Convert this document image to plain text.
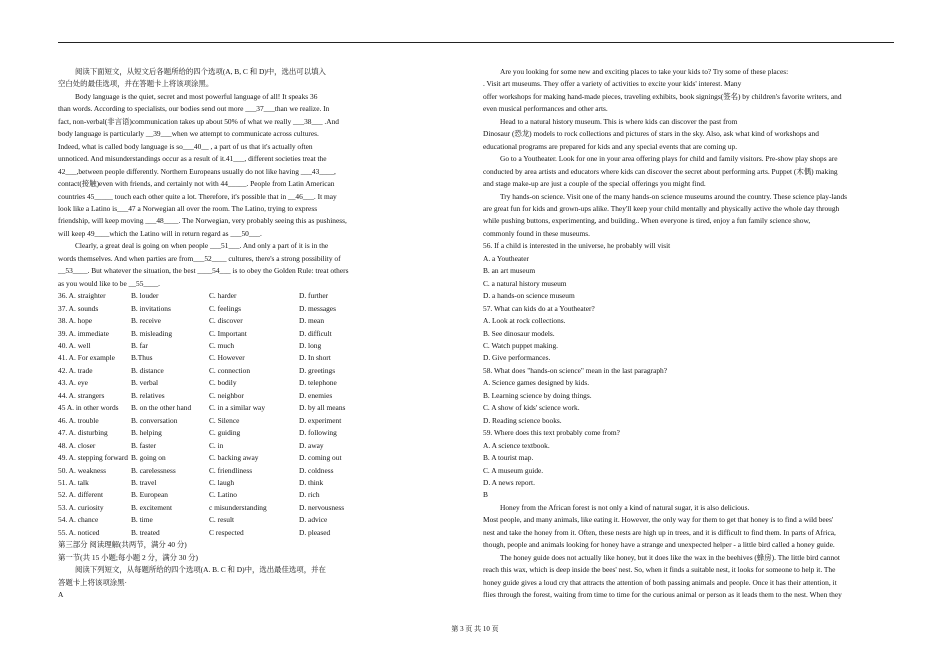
阅读下面短文，从短文后各题所给的四个选项(A, B, C 和 D)中，选出可以填入
空白处的最佳选项，并在答题卡上将该项涂黑。
Body language is the quiet, secret and most powerful language of all! It speaks 36
than words. According to specialists, our bodies send out more ___37___than we realize. In
fact, non-verbal(非言语)communication takes up about 50% of what we really ___38___ .And
body language is particularly __39___when we attempt to communicate across cultures.
Indeed, what is called body language is so___40__ , a part of us that it's actually often
unnoticed. And misunderstandings occur as a result of it.41___, different societies treat the
42___,between people differently. Northern Europeans usually do not like having ___43____,
contact(接触)even with friends, and certainly not with 44_____. People from Latin American
countries 45_____ touch each other quite a lot. Therefore, it's possible that in __46___. It may
look like a Latino is___47 a Norwegian all over the room. The Latino, trying to express
friendship, will keep moving ___48____. The Norwegian, very probably seeing this as pushiness,
will keep 49____which the Latino will in return regard as ___50___.
Clearly, a great deal is going on when people ___51___. And only a part of it is in the
words themselves. And when parties are from___52____ cultures, there's a strong possibility of
__53____. But whatever the situation, the best ____54___ is to obey the Golden Rule: treat others
as you would like to be __55____.
36. A. straighter	B. louder	C. harder	D. further
37. A. sounds	B. invitations	C. feelings	D. messages
38. A. hope	B. receive	C. discover	D. mean
39. A. immediate	B. misleading	C. Important	D. difficult
40. A. well	B. far	C. much	D. long
41. A. For example	B.Thus	C. However	D. In short
42. A. trade	B. distance	C. connection	D. greetings
43. A. eye	B. verbal	C. bodily	D. telephone
44. A. strangers	B. relatives	C. neighbor	D. enemies
45 A. in other words	B. on the other hand	C. in a similar way	D. by all means
46. A. trouble	B. conversation	C. Silence	D. experiment
47. A. disturbing	B. helping	C. guiding	D. following
48. A. closer	B. faster	C. in	D. away
49. A. stepping forward B. going on	C. backing away	D. coming out
50. A. weakness	B. carelessness	C. friendliness	D. coldness
51. A. talk	B. travel	C. laugh	D. think
52. A. different	B. European	C. Latino	D. rich
53. A. curiosity	B. excitement	c misunderstanding	D. nervousness
54. A. chance	B. time	C. result	D. advice
55. A. noticed	B. treated	C respected	D. pleased
第三部分 阅读理解(共两节，满分 40 分)
第一节(共 15 小题;每小题 2 分，满分 30 分)
阅读下列短文，从每题所给的四个选项(A. B. C 和 D)中，选出最佳选项，并在
答题卡上将该项涂黑·
A
Are you looking for some new and exciting places to take your kids to? Try some of these places:
. Visit art museums. They offer a variety of activities to excite your kids' interest. Many
offer workshops for making hand-made pieces, traveling exhibits, book signings(签名) by children's favorite writers, and
even musical performances and other arts.
Head to a natural history museum. This is where kids can discover the past from
Dinosaur (恐龙) models to rock collections and pictures of stars in the sky. Also, ask what kind of workshops and
educational programs are prepared for kids and any special events that are coming up.
Go to a Youtheater. Look for one in your area offering plays for child and family visitors. Pre-show play shops are
conducted by area artists and educators where kids can discover the secret about performing arts. Puppet (木偶) making
and stage make-up are just a couple of the special offerings you might find.
Try hands-on science. Visit one of the many hands-on science museums around the country. These science play-lands
are great fun for kids and grown-ups alike. They'll keep your child mentally and physically active the whole day through
while pushing buttons, experimenting, and building.. When everyone is tired, enjoy a fun family science show,
commonly found in these museums.
56. If a child is interested in the universe, he probably will visit
A. a Youtheater
B. an art museum
C. a natural history museum
D. a hands-on science museum
57. What can kids do at a Youtheater?
A. Look at rock collections.
B. See dinosaur models.
C. Watch puppet making.
D. Give performances.
58. What does "hands-on science" mean in the last paragraph?
A. Science games designed by kids.
B. Learning science by doing things.
C. A show of kids' science work.
D. Reading science books.
59. Where does this text probably come from?
A. A science textbook.
B. A tourist map.
C. A museum guide.
D. A news report.
B
Honey from the African forest is not only a kind of natural sugar, it is also delicious.
Most people, and many animals, like eating it. However, the only way for them to get that honey is to find a wild bees'
nest and take the honey from it. Often, these nests are high up in trees, and it is difficult to find them. In parts of Africa,
though, people and animals looking for honey have a strange and unexpected helper - a little bird called a honey guide.
The honey guide does not actually like honey, but it does like the wax in the beehives (蜂房). The little bird cannot
reach this wax, which is deep inside the bees' nest. So, when it finds a suitable nest, it looks for someone to help it. The
honey guide gives a loud cry that attracts the attention of both passing animals and people. Once it has their attention, it
flies through the forest, waiting from time to time for the curious animal or person as it leads them to the nest. When they
第 3 页 共 10 页
